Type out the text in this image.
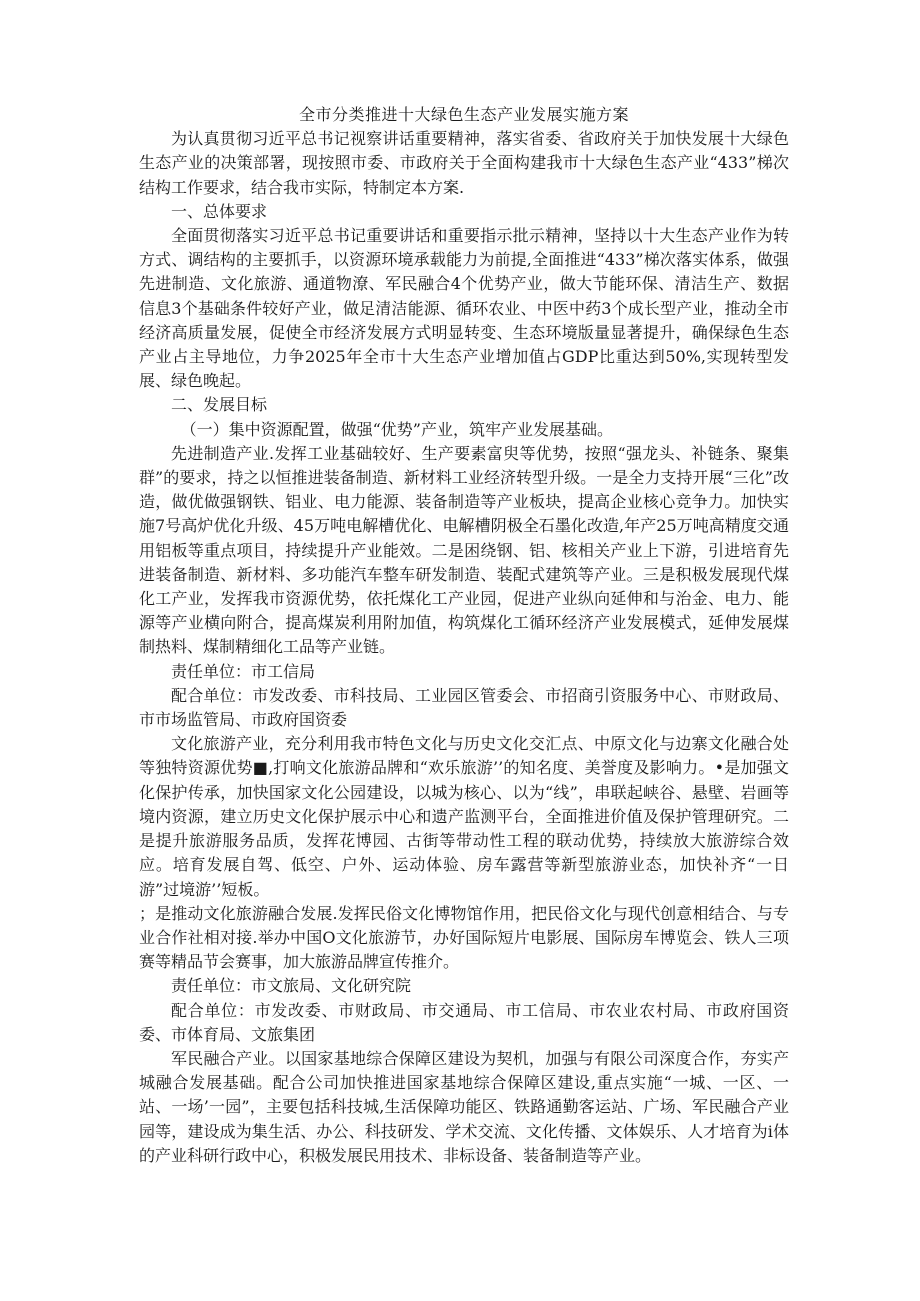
全市分类推进十大绿色生态产业发展实施方案

为认真贯彻习近平总书记视察讲话重要精神，落实省委、省政府关于加快发展十大绿色生态产业的决策部署，现按照市委、市政府关于全面构建我市十大绿色生态产业“433”梯次结构工作要求，结合我市实际，特制定本方案.

一、总体要求

全面贯彻落实习近平总书记重要讲话和重要指示批示精神，坚持以十大生态产业作为转方式、调结构的主要抓手，以资源环境承载能力为前提,全面推进“433”梯次落实体系，做强先进制造、文化旅游、通道物潦、军民融合4个优势产业，做大节能环保、清洁生产、数据信息3个基础条件较好产业，做足清洁能源、循环农业、中医中药3个成长型产业，推动全市经济高质量发展，促使全市经济发展方式明显转变、生态环境版量显著提升，确保绿色生态产业占主导地位，力争2025年全市十大生态产业增加值占GDP比重达到50%,实现转型发展、绿色晚起。

二、发展目标

（一）集中资源配置，做强“优势”产业，筑牢产业发展基础。

先进制造产业.发挥工业基础较好、生产要素富臾等优势，按照“强龙头、补链条、聚集群”的要求，持之以恒推进装备制造、新材料工业经济转型升级。一是全力支持开展“三化”改造，做优做强钢铁、铝业、电力能源、装备制造等产业板块，提高企业核心竞争力。加快实施7号高炉优化升级、45万吨电解槽优化、电解槽阴极全石墨化改造,年产25万吨高精度交通用铝板等重点项目，持续提升产业能效。二是困绕钢、铝、核相关产业上下游，引进培育先进装备制造、新材料、多功能汽车整车研发制造、装配式建筑等产业。三是积极发展现代煤化工产业，发挥我市资源优势，依托煤化工产业园，促进产业纵向延伸和与治金、电力、能源等产业横向附合，提高煤炭利用附加值，构筑煤化工循环经济产业发展模式，延伸发展煤制热料、煤制精细化工品等产业链。

责任单位：市工信局

配合单位：市发改委、市科技局、工业园区管委会、市招商引资服务中心、市财政局、市市场监管局、市政府国资委

文化旅游产业，充分利用我市特色文化与历史文化交汇点、中原文化与边寨文化融合处等独特资源优势■,打响文化旅游品牌和“欢乐旅游’’的知名度、美誉度及影响力。•是加强文化保护传承，加快国家文化公园建设，以城为核心、以为“线”，串联起峡谷、悬壁、岩画等境内资源，建立历史文化保护展示中心和遗产监测平台，全面推进价值及保护管理研究。二是提升旅游服务品质，发挥花博园、古街等带动性工程的联动优势，持续放大旅游综合效应。培育发展自驾、低空、户外、运动体验、房车露营等新型旅游业态，加快补齐“一日游”过境游’’短板。

；是推动文化旅游融合发展.发挥民俗文化博物馆作用，把民俗文化与现代创意相结合、与专业合作社相对接.举办中国O文化旅游节，办好国际短片电影展、国际房车博览会、铁人三项赛等精品节会赛事，加大旅游品牌宣传推介。

责任单位：市文旅局、文化研究院

配合单位：市发改委、市财政局、市交通局、市工信局、市农业农村局、市政府国资委、市体育局、文旅集团

军民融合产业。以国家基地综合保障区建设为契机，加强与有限公司深度合作，夯实产城融合发展基础。配合公司加快推进国家基地综合保障区建设,重点实施“一城、一区、一站、一场’一园”，主要包括科技城,生活保障功能区、铁路通勤客运站、广场、军民融合产业园等，建设成为集生活、办公、科技研发、学术交流、文化传播、文体娱乐、人才培育为i体的产业科研行政中心，积极发展民用技术、非标设备、装备制造等产业。
